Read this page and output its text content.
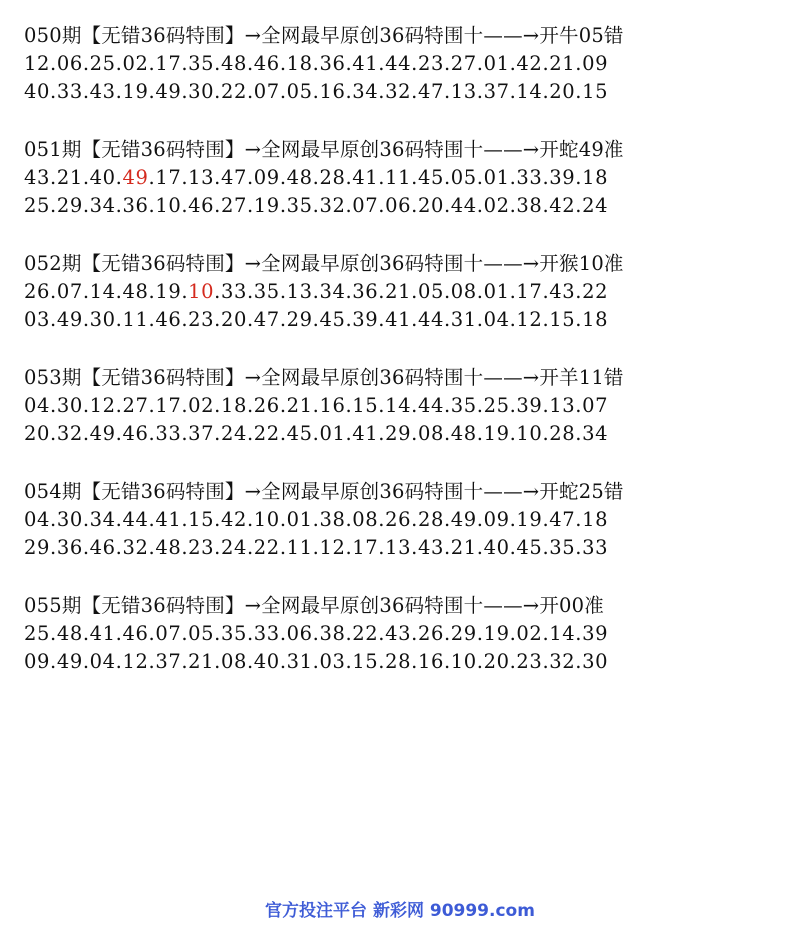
050期【无错36码特围】→全网最早原创36码特围十——→开牛05错
12.06.25.02.17.35.48.46.18.36.41.44.23.27.01.42.21.09
40.33.43.19.49.30.22.07.05.16.34.32.47.13.37.14.20.15
051期【无错36码特围】→全网最早原创36码特围十——→开蛇49准
43.21.40.49.17.13.47.09.48.28.41.11.45.05.01.33.39.18
25.29.34.36.10.46.27.19.35.32.07.06.20.44.02.38.42.24
052期【无错36码特围】→全网最早原创36码特围十——→开猴10准
26.07.14.48.19.10.33.35.13.34.36.21.05.08.01.17.43.22
03.49.30.11.46.23.20.47.29.45.39.41.44.31.04.12.15.18
053期【无错36码特围】→全网最早原创36码特围十——→开羊11错
04.30.12.27.17.02.18.26.21.16.15.14.44.35.25.39.13.07
20.32.49.46.33.37.24.22.45.01.41.29.08.48.19.10.28.34
054期【无错36码特围】→全网最早原创36码特围十——→开蛇25错
04.30.34.44.41.15.42.10.01.38.08.26.28.49.09.19.47.18
29.36.46.32.48.23.24.22.11.12.17.13.43.21.40.45.35.33
055期【无错36码特围】→全网最早原创36码特围十——→开00准
25.48.41.46.07.05.35.33.06.38.22.43.26.29.19.02.14.39
09.49.04.12.37.21.08.40.31.03.15.28.16.10.20.23.32.30
官方投注平台 新彩网 90999.com
